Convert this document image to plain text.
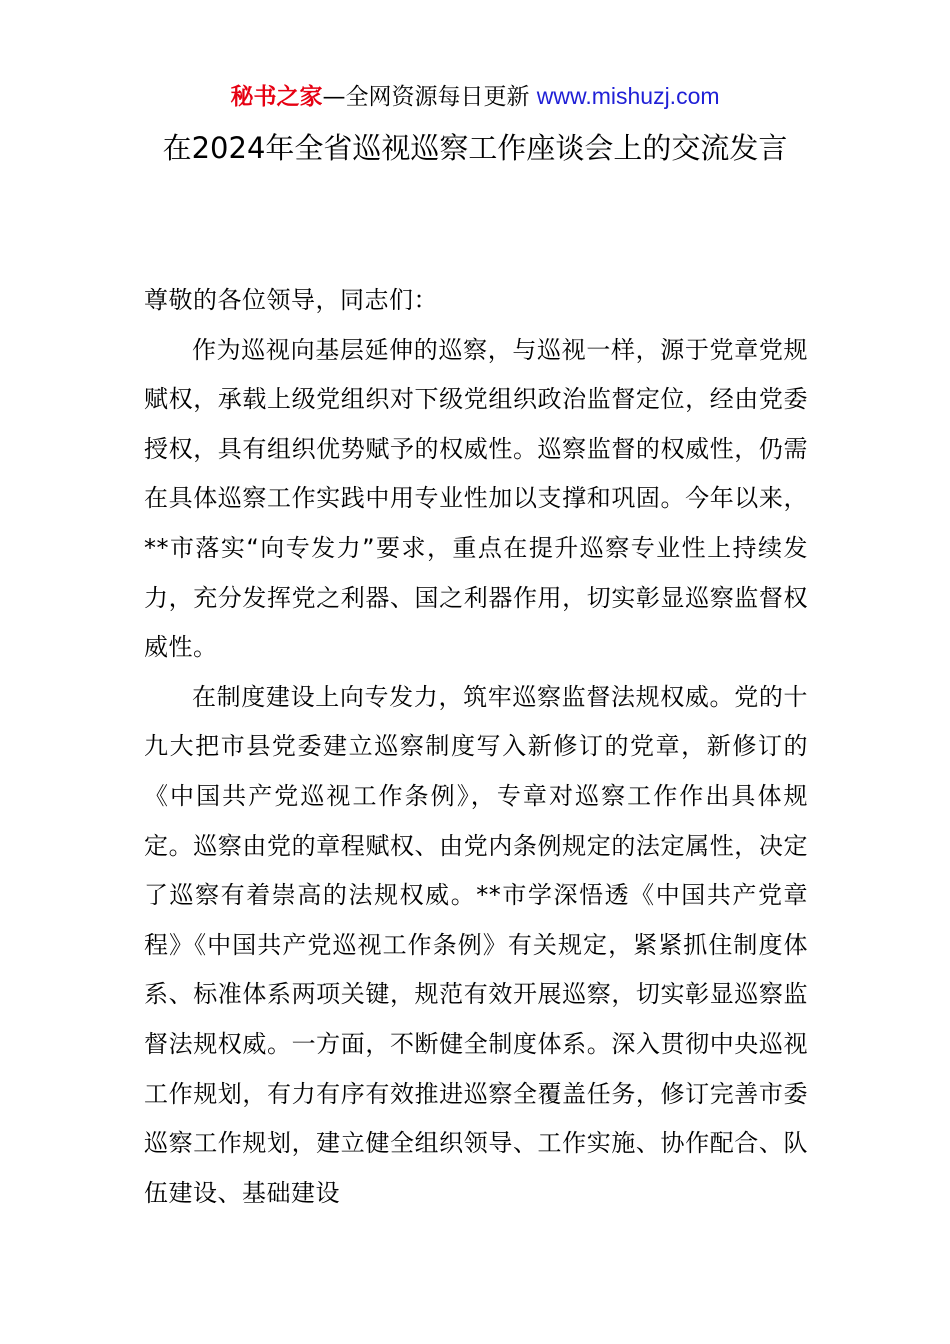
秘书之家—全网资源每日更新 www.mishuzj.com
在2024年全省巡视巡察工作座谈会上的交流发言

尊敬的各位领导，同志们：

作为巡视向基层延伸的巡察，与巡视一样，源于党章党规赋权，承载上级党组织对下级党组织政治监督定位，经由党委授权，具有组织优势赋予的权威性。巡察监督的权威性，仍需在具体巡察工作实践中用专业性加以支撑和巩固。今年以来，**市落实“向专发力”要求，重点在提升巡察专业性上持续发力，充分发挥党之利器、国之利器作用，切实彰显巡察监督权威性。

在制度建设上向专发力，筑牢巡察监督法规权威。党的十九大把市县党委建立巡察制度写入新修订的党章，新修订的《中国共产党巡视工作条例》，专章对巡察工作作出具体规定。巡察由党的章程赋权、由党内条例规定的法定属性，决定了巡察有着崇高的法规权威。**市学深悟透《中国共产党章程》《中国共产党巡视工作条例》有关规定，紧紧抓住制度体系、标准体系两项关键，规范有效开展巡察，切实彰显巡察监督法规权威。一方面，不断健全制度体系。深入贯彻中央巡视工作规划，有力有序有效推进巡察全覆盖任务，修订完善市委巡察工作规划，建立健全组织领导、工作实施、协作配合、队伍建设、基础建设
